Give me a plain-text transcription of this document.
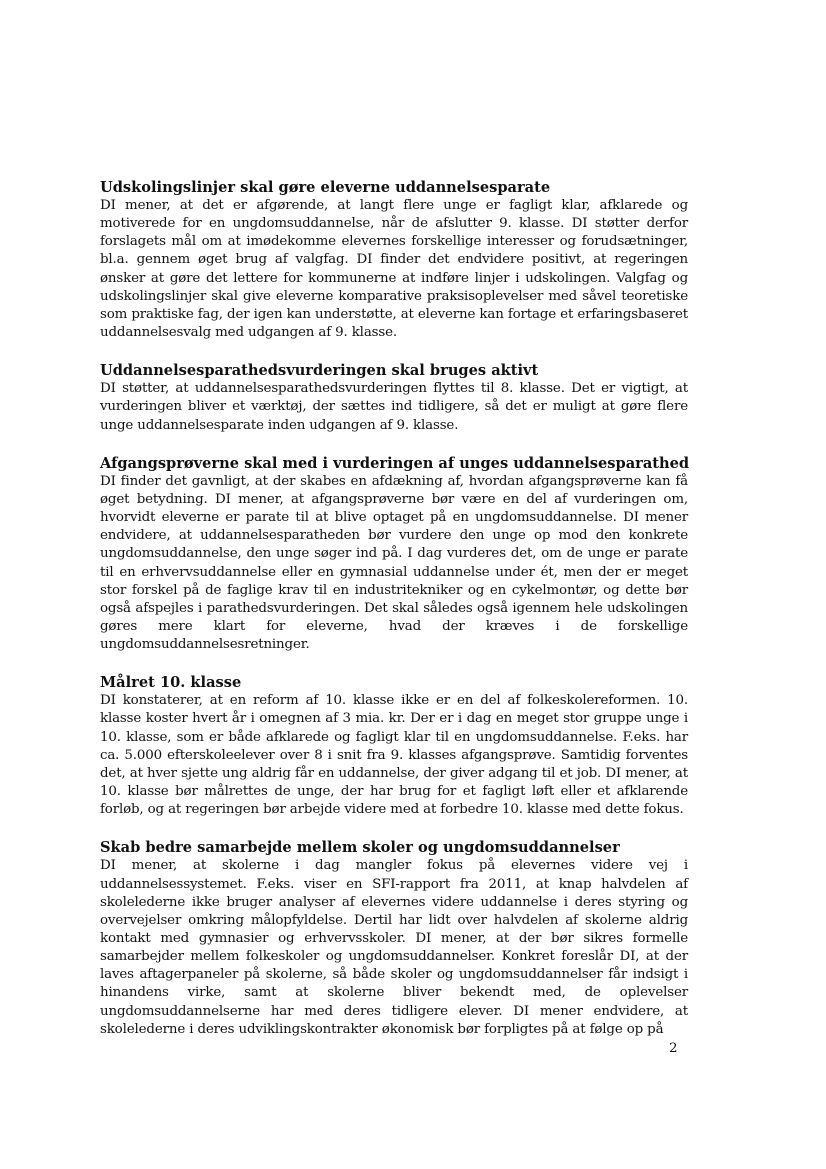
Udskolingslinjer skal gøre eleverne uddannelsesparate

DI mener, at det er afgørende, at langt flere unge er fagligt klar, afklarede og motiverede for en ungdomsuddannelse, når de afslutter 9. klasse. DI støtter derfor forslagets mål om at imødekomme elevernes forskellige interesser og forudsætninger, bl.a. gennem øget brug af valgfag. DI finder det endvidere positivt, at regeringen ønsker at gøre det lettere for kommunerne at indføre linjer i udskolingen. Valgfag og udskolingslinjer skal give eleverne komparative praksisoplevelser med såvel teoretiske som praktiske fag, der igen kan understøtte, at eleverne kan fortage et erfaringsbaseret uddannelsesvalg med udgangen af 9. klasse.

Uddannelsesparathedsvurderingen skal bruges aktivt

DI støtter, at uddannelsesparathedsvurderingen flyttes til 8. klasse. Det er vigtigt, at vurderingen bliver et værktøj, der sættes ind tidligere, så det er muligt at gøre flere unge uddannelsesparate inden udgangen af 9. klasse.

Afgangsprøverne skal med i vurderingen af unges uddannelsesparathed

DI finder det gavnligt, at der skabes en afdækning af, hvordan afgangsprøverne kan få øget betydning. DI mener, at afgangsprøverne bør være en del af vurderingen om, hvorvidt eleverne er parate til at blive optaget på en ungdomsuddannelse. DI mener endvidere, at uddannelsesparatheden bør vurdere den unge op mod den konkrete ungdomsuddannelse, den unge søger ind på. I dag vurderes det, om de unge er parate til en erhvervsuddannelse eller en gymnasial uddannelse under ét, men der er meget stor forskel på de faglige krav til en industritekniker og en cykelmontør, og dette bør også afspejles i parathedsvurderingen. Det skal således også igennem hele udskolingen gøres mere klart for eleverne, hvad der kræves i de forskellige ungdomsuddannelsesretninger.

Målret 10. klasse

DI konstaterer, at en reform af 10. klasse ikke er en del af folkeskolereformen. 10. klasse koster hvert år i omegnen af 3 mia. kr. Der er i dag en meget stor gruppe unge i 10. klasse, som er både afklarede og fagligt klar til en ungdomsuddannelse. F.eks. har ca. 5.000 efterskoleelever over 8 i snit fra 9. klasses afgangsprøve. Samtidig forventes det, at hver sjette ung aldrig får en uddannelse, der giver adgang til et job. DI mener, at 10. klasse bør målrettes de unge, der har brug for et fagligt løft eller et afklarende forløb, og at regeringen bør arbejde videre med at forbedre 10. klasse med dette fokus.

Skab bedre samarbejde mellem skoler og ungdomsuddannelser

DI mener, at skolerne i dag mangler fokus på elevernes videre vej i uddannelsessystemet. F.eks. viser en SFI-rapport fra 2011, at knap halvdelen af skolelederne ikke bruger analyser af elevernes videre uddannelse i deres styring og overvejelser omkring målopfyldelse. Dertil har lidt over halvdelen af skolerne aldrig kontakt med gymnasier og erhvervsskoler. DI mener, at der bør sikres formelle samarbejder mellem folkeskoler og ungdomsuddannelser. Konkret foreslår DI, at der laves aftagerpaneler på skolerne, så både skoler og ungdomsuddannelser får indsigt i hinandens virke, samt at skolerne bliver bekendt med, de oplevelser ungdomsuddannelserne har med deres tidligere elever. DI mener endvidere, at skolelederne i deres udviklingskontrakter økonomisk bør forpligtes på at følge op på

2
